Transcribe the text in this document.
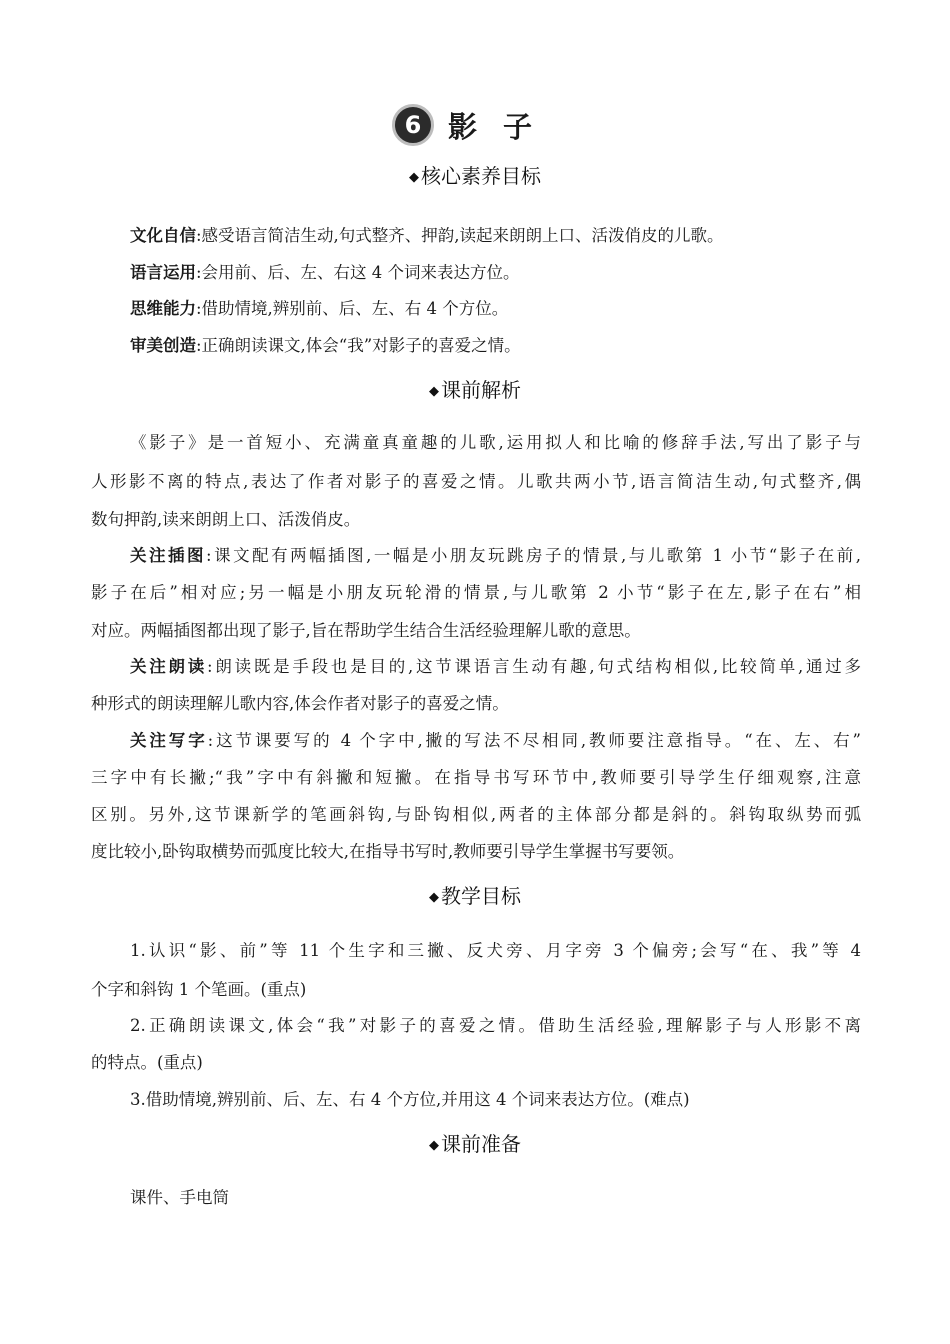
6 影子
◆ 核心素养目标
文化自信:感受语言简洁生动,句式整齐、押韵,读起来朗朗上口、活泼俏皮的儿歌。
语言运用:会用前、后、左、右这 4 个词来表达方位。
思维能力:借助情境,辨别前、后、左、右 4 个方位。
审美创造:正确朗读课文,体会“我”对影子的喜爱之情。
◆ 课前解析
《影子》是一首短小、充满童真童趣的儿歌,运用拟人和比喻的修辞手法,写出了影子与
人形影不离的特点,表达了作者对影子的喜爱之情。儿歌共两小节,语言简洁生动,句式整齐,偶
数句押韵,读来朗朗上口、活泼俏皮。
关注插图:课文配有两幅插图,一幅是小朋友玩跳房子的情景,与儿歌第 1 小节“影子在前,
影子在后”相对应;另一幅是小朋友玩轮滑的情景,与儿歌第 2 小节“影子在左,影子在右”相
对应。两幅插图都出现了影子,旨在帮助学生结合生活经验理解儿歌的意思。
关注朗读:朗读既是手段也是目的,这节课语言生动有趣,句式结构相似,比较简单,通过多
种形式的朗读理解儿歌内容,体会作者对影子的喜爱之情。
关注写字:这节课要写的 4 个字中,撇的写法不尽相同,教师要注意指导。“在、左、右”
三字中有长撇;“我”字中有斜撇和短撇。在指导书写环节中,教师要引导学生仔细观察,注意
区别。另外,这节课新学的笔画斜钩,与卧钩相似,两者的主体部分都是斜的。斜钩取纵势而弧
度比较小,卧钩取横势而弧度比较大,在指导书写时,教师要引导学生掌握书写要领。
◆ 教学目标
1.认识“影、前”等 11 个生字和三撇、反犬旁、月字旁 3 个偏旁;会写“在、我”等 4
个字和斜钩 1 个笔画。(重点)
2.正确朗读课文,体会“我”对影子的喜爱之情。借助生活经验,理解影子与人形影不离
的特点。(重点)
3.借助情境,辨别前、后、左、右 4 个方位,并用这 4 个词来表达方位。(难点)
◆ 课前准备
课件、手电筒
